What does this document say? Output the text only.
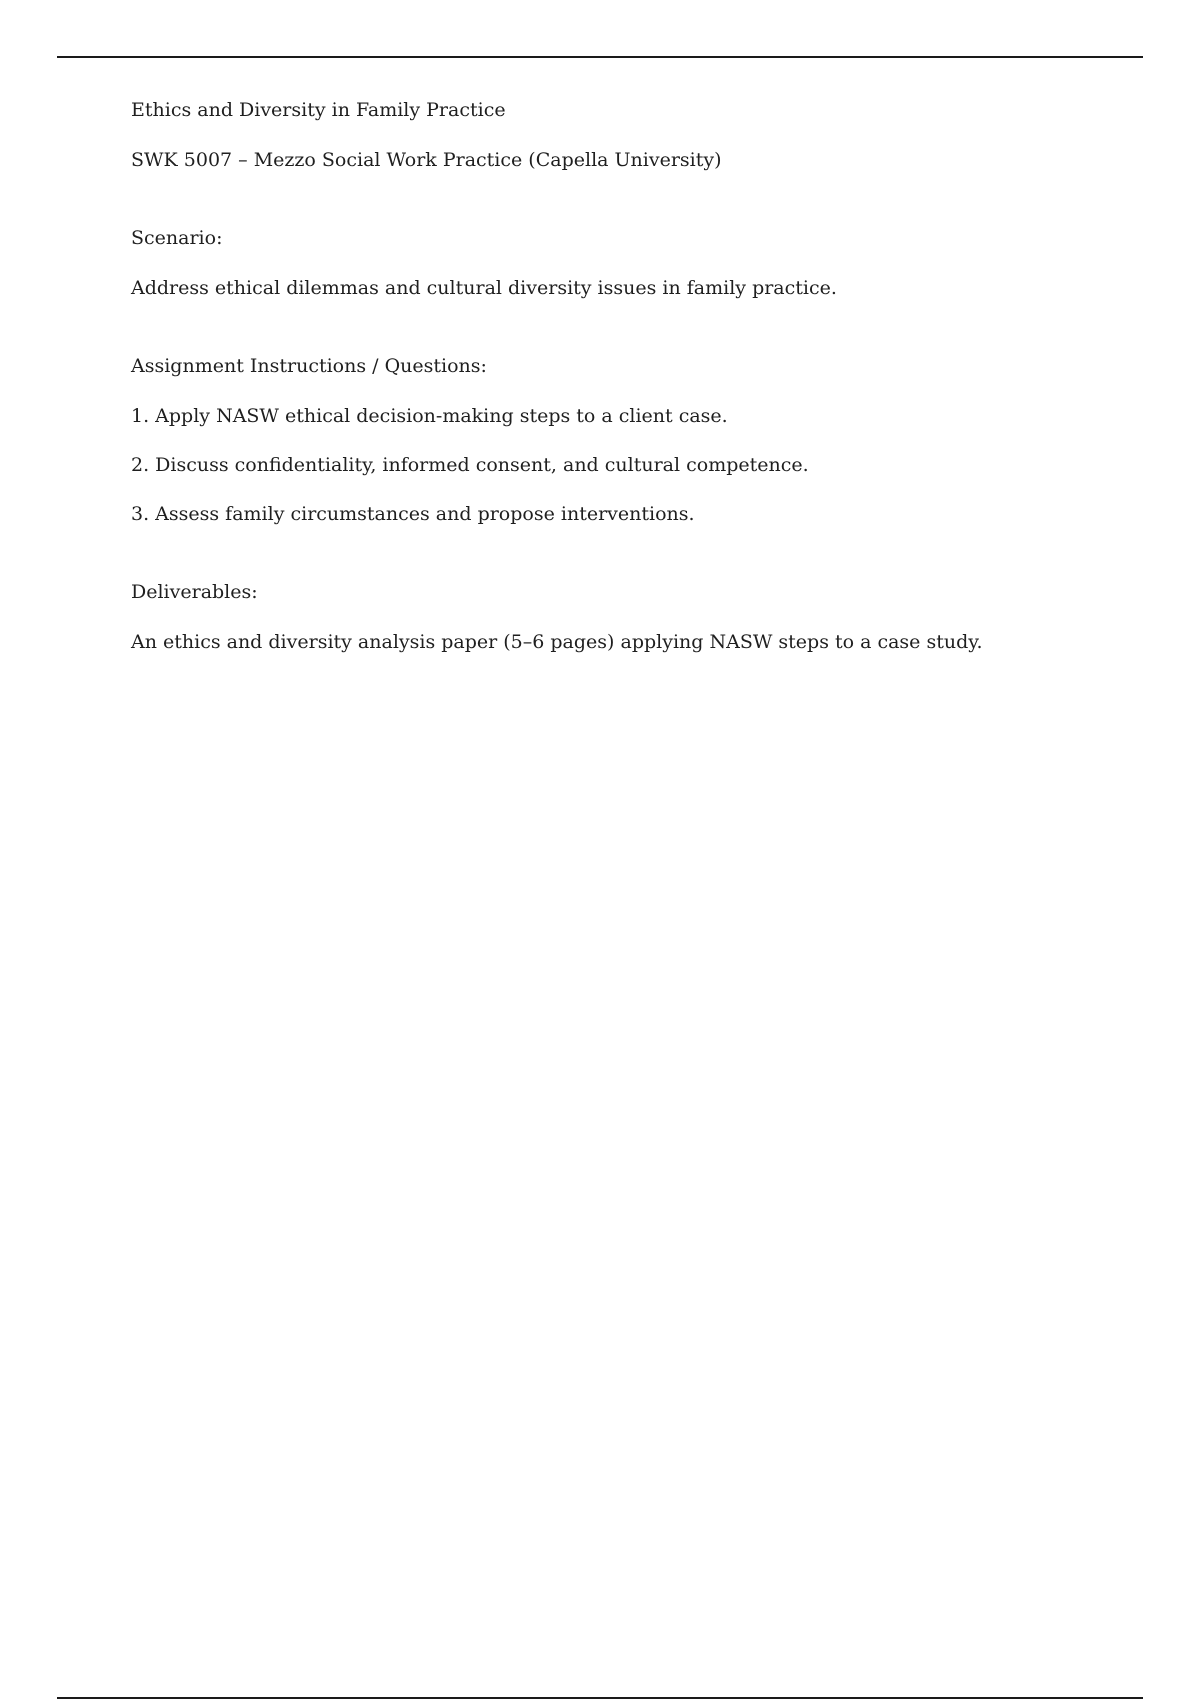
Ethics and Diversity in Family Practice

SWK 5007 – Mezzo Social Work Practice (Capella University)

Scenario:

Address ethical dilemmas and cultural diversity issues in family practice.

Assignment Instructions / Questions:

1. Apply NASW ethical decision-making steps to a client case.

2. Discuss confidentiality, informed consent, and cultural competence.

3. Assess family circumstances and propose interventions.

Deliverables:

An ethics and diversity analysis paper (5–6 pages) applying NASW steps to a case study.
